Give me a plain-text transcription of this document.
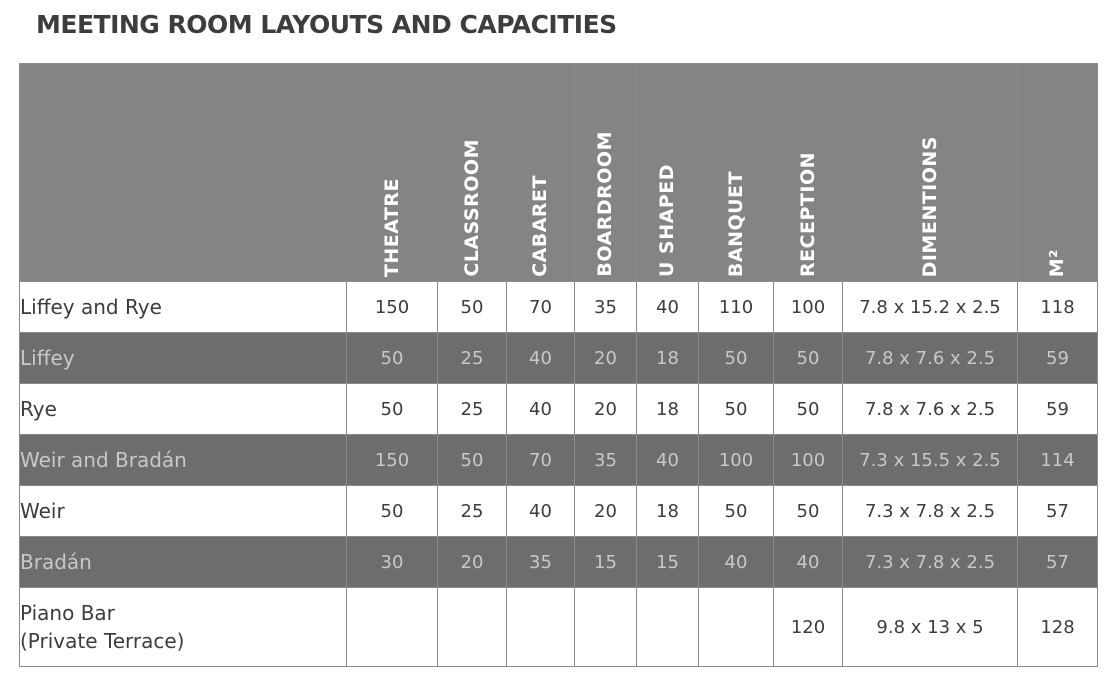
MEETING ROOM LAYOUTS AND CAPACITIES
	THEATRE	CLASSROOM	CABARET	BOARDROOM	U SHAPED	BANQUET	RECEPTION	DIMENTIONS	M²
Liffey and Rye	150	50	70	35	40	110	100	7.8 x 15.2 x 2.5	118
Liffey	50	25	40	20	18	50	50	7.8 x 7.6 x 2.5	59
Rye	50	25	40	20	18	50	50	7.8 x 7.6 x 2.5	59
Weir and Bradán	150	50	70	35	40	100	100	7.3 x 15.5 x 2.5	114
Weir	50	25	40	20	18	50	50	7.3 x 7.8 x 2.5	57
Bradán	30	20	35	15	15	40	40	7.3 x 7.8 x 2.5	57
Piano Bar
(Private Terrace)							120	9.8 x 13 x 5	128
